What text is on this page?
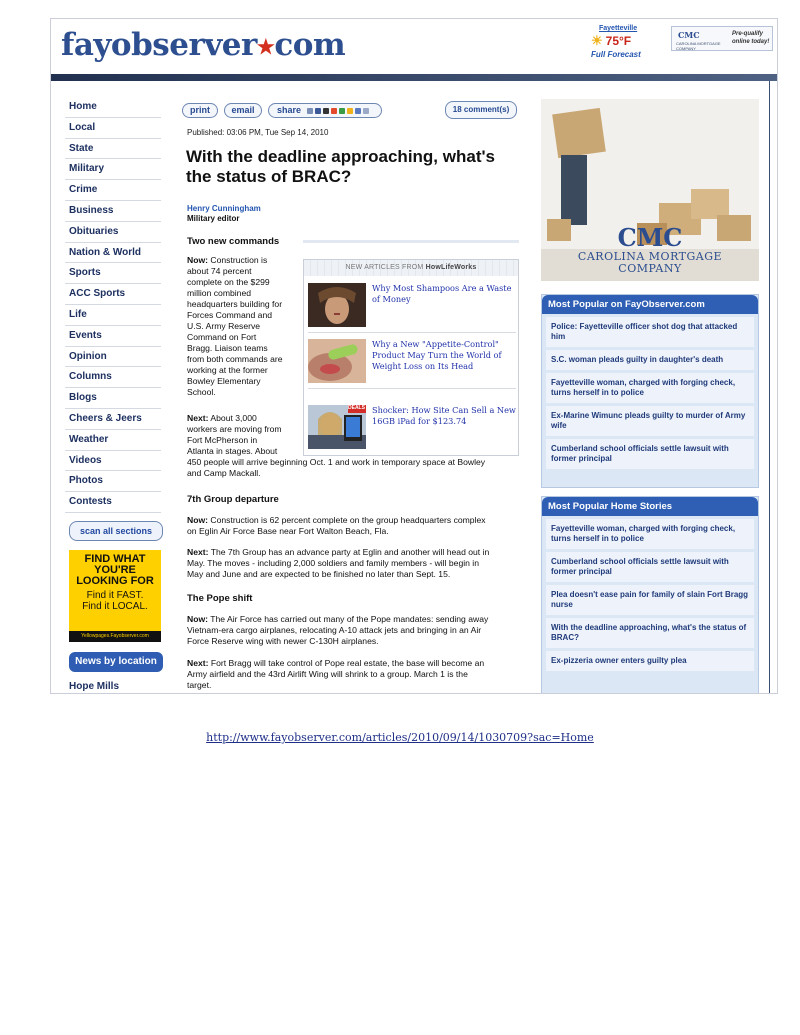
fayobserver★com	Fayetteville
☀ 75°F
Full Forecast
CMC
CAROLINA MORTGAGE COMPANY
Pre-qualify
online today!
Home
Local
State
Military
Crime
Business
Obituaries
Nation & World
Sports
ACC Sports
Life
Events
Opinion
Columns
Blogs
Cheers & Jeers
Weather
Videos
Photos
Contests
scan all sections
FIND WHAT YOU'RE LOOKING FOR
Find it FAST.
Find it LOCAL.
Yellowpages.Fayobserver.com
News by location
Hope Mills
print	email	share	18 comment(s)
Published: 03:06 PM, Tue Sep 14, 2010
With the deadline approaching, what's the status of BRAC?
Henry Cunningham
Military editor
Two new commands
Now: Construction is
about 74 percent
complete on the $299
million combined
headquarters building for
Forces Command and
U.S. Army Reserve
Command on Fort
Bragg. Liaison teams
from both commands are
working at the former
Bowley Elementary
School.
Next: About 3,000
workers are moving from
Fort McPherson in
Atlanta in stages. About
450 people will arrive beginning Oct. 1 and work in temporary space at Bowley
and Camp Mackall.
7th Group departure
Now: Construction is 62 percent complete on the group headquarters complex
on Eglin Air Force Base near Fort Walton Beach, Fla.
Next: The 7th Group has an advance party at Eglin and another will head out in
May. The moves - including 2,000 soldiers and family members - will begin in
May and June and are expected to be finished no later than Sept. 15.
The Pope shift
Now: The Air Force has carried out many of the Pope mandates: sending away
Vietnam-era cargo airplanes, relocating A-10 attack jets and bringing in an Air
Force Reserve wing with newer C-130H airplanes.
Next: Fort Bragg will take control of Pope real estate, the base will become an
Army airfield and the 43rd Airlift Wing will shrink to a group. March 1 is the
target.
NEW ARTICLES FROM HowLifeWorks
Why Most Shampoos Are a Waste of Money
Why a New "Appetite-Control" Product May Turn the World of Weight Loss on Its Head
DEALS Shocker: How Site Can Sell a New 16GB iPad for $123.74
CMC
CAROLINA MORTGAGE
COMPANY
Most Popular on FayObserver.com
Police: Fayetteville officer shot dog that attacked him
S.C. woman pleads guilty in daughter's death
Fayetteville woman, charged with forging check, turns herself in to police
Ex-Marine Wimunc pleads guilty to murder of Army wife
Cumberland school officials settle lawsuit with former principal
Most Popular Home Stories
Fayetteville woman, charged with forging check, turns herself in to police
Cumberland school officials settle lawsuit with former principal
Plea doesn't ease pain for family of slain Fort Bragg nurse
With the deadline approaching, what's the status of BRAC?
Ex-pizzeria owner enters guilty plea
http://www.fayobserver.com/articles/2010/09/14/1030709?sac=Home
